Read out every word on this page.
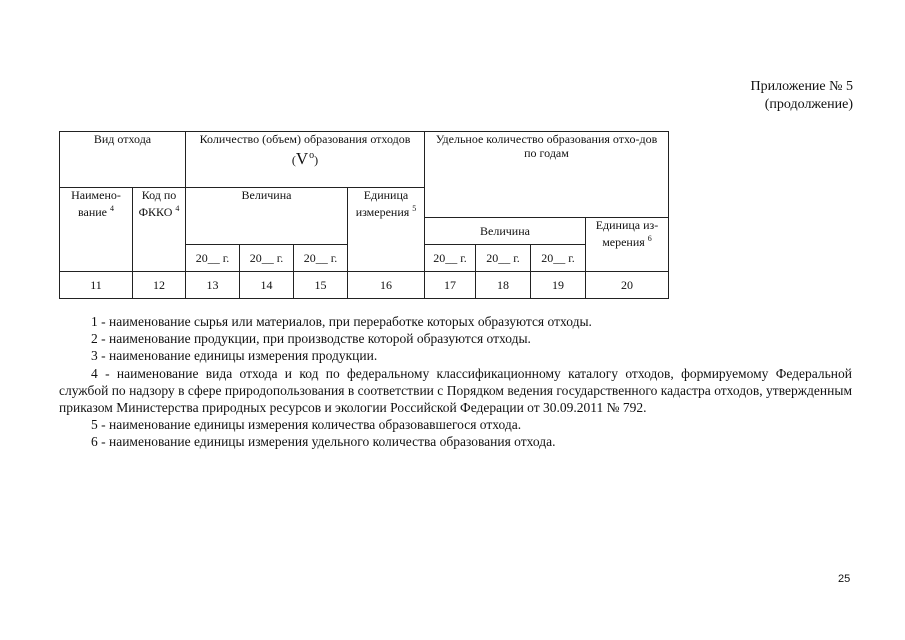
Приложение № 5
(продолжение)
Вид отхода		Количество (объем) образования отходов
$(V_о)$				Удельное количество образования отхо-дов по годам			
Наимено-вание $^4$	Код по ФККО $^4$	Величина			Единица измерения $^5$
						Величина			Единица из-мерения $^6$
		20__ г.	20__ г.	20__ г.		20__ г.	20__ г.	20__ г.	
11	12	13	14	15	16	17	18	19	20

1 - наименование сырья или материалов, при переработке которых образуются отходы.

2 - наименование продукции, при производстве которой образуются отходы.

3 - наименование единицы измерения продукции.

4 - наименование вида отхода и код по федеральному классификационному каталогу отходов, формируемому Федеральной службой по надзору в сфере природопользования в соответствии с Порядком ведения государственного кадастра отходов, утвержденным приказом Министерства природных ресурсов и экологии Российской Федерации от 30.09.2011 № 792.

5 - наименование единицы измерения количества образовавшегося отхода.

6 - наименование единицы измерения удельного количества образования отхода.

25
